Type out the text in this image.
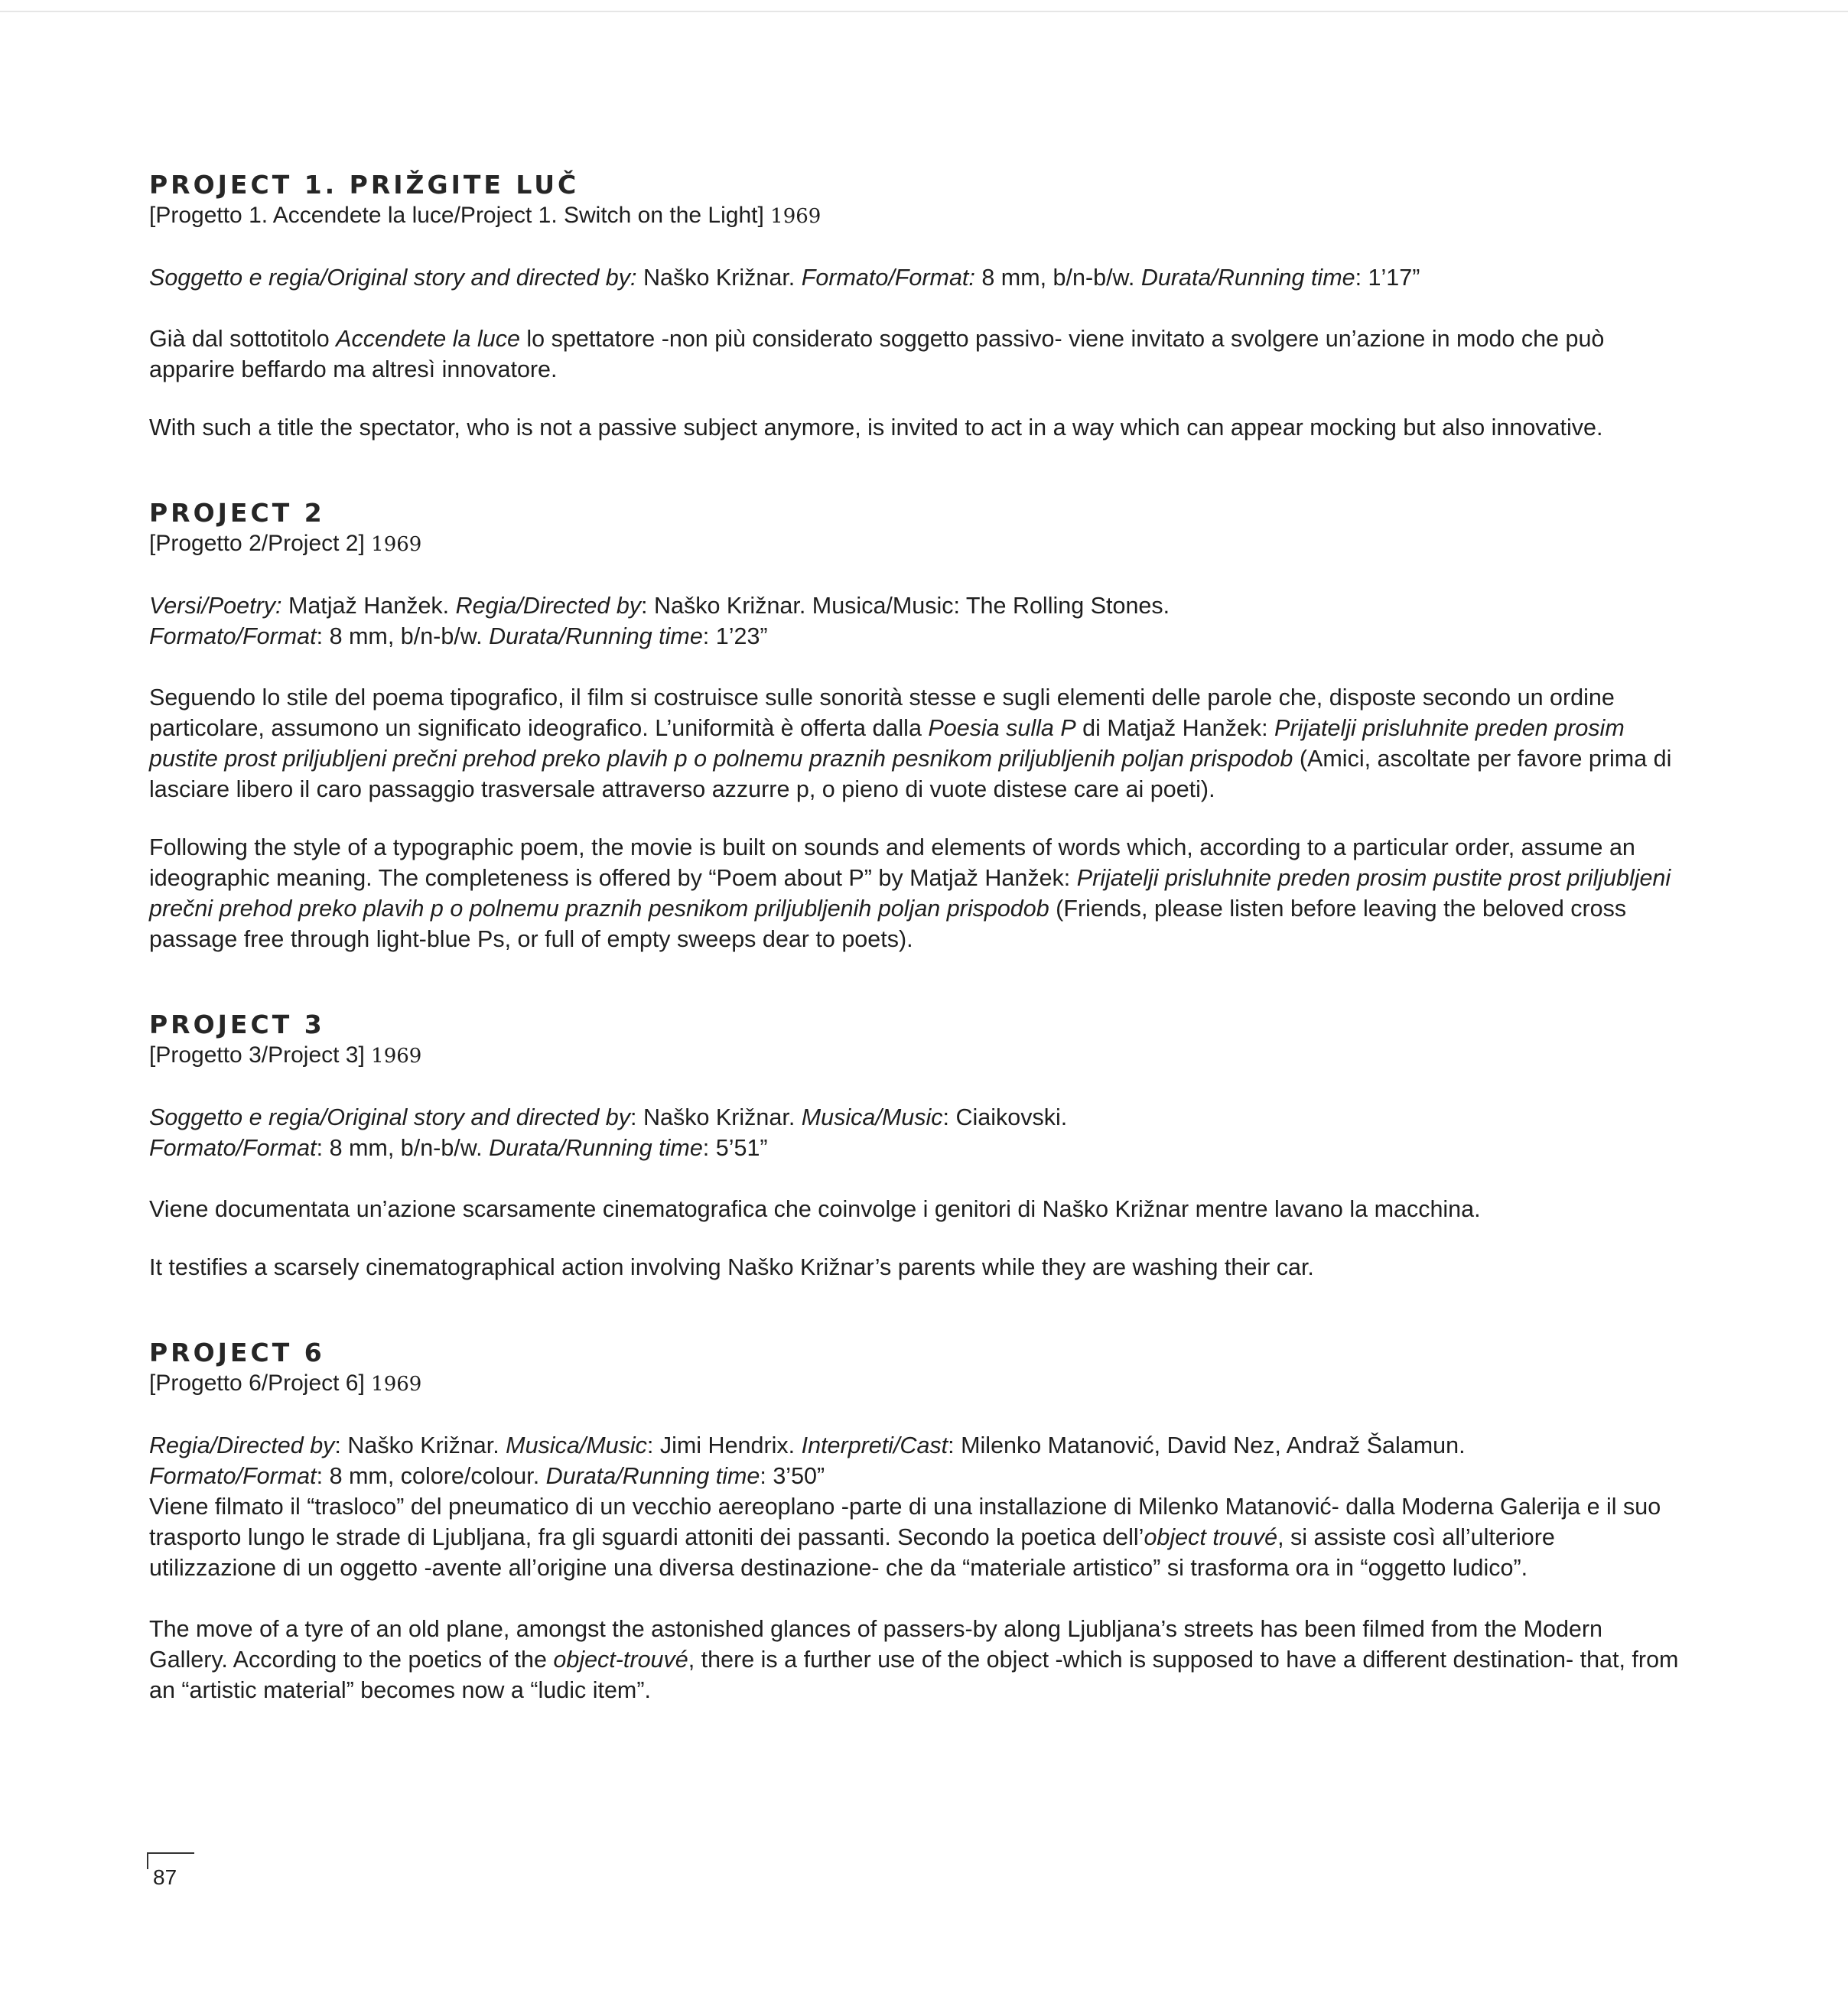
PROJECT 1. PRIŽGITE LUČ
[Progetto 1. Accendete la luce/Project 1. Switch on the Light] 1969

Soggetto e regia/Original story and directed by: Naško Križnar. Formato/Format: 8 mm, b/n-b/w. Durata/Running time: 1’17”

Già dal sottotitolo Accendete la luce lo spettatore -non più considerato soggetto passivo- viene invitato a svolgere un’azione in modo che può apparire beffardo ma altresì innovatore.

With such a title the spectator, who is not a passive subject anymore, is invited to act in a way which can appear mocking but also innovative.

PROJECT 2
[Progetto 2/Project 2] 1969

Versi/Poetry: Matjaž Hanžek. Regia/Directed by: Naško Križnar. Musica/Music: The Rolling Stones.
Formato/Format: 8 mm, b/n-b/w. Durata/Running time: 1’23”

Seguendo lo stile del poema tipografico, il film si costruisce sulle sonorità stesse e sugli elementi delle parole che, disposte secondo un ordine particolare, assumono un significato ideografico. L’uniformità è offerta dalla Poesia sulla P di Matjaž Hanžek: Prijatelji prisluhnite preden prosim pustite prost priljubljeni prečni prehod preko plavih p o polnemu praznih pesnikom priljubljenih poljan prispodob (Amici, ascoltate per favore prima di lasciare libero il caro passaggio trasversale attraverso azzurre p, o pieno di vuote distese care ai poeti).

Following the style of a typographic poem, the movie is built on sounds and elements of words which, according to a particular order, assume an ideographic meaning. The completeness is offered by “Poem about P” by Matjaž Hanžek: Prijatelji prisluhnite preden prosim pustite prost priljubljeni prečni prehod preko plavih p o polnemu praznih pesnikom priljubljenih poljan prispodob (Friends, please listen before leaving the beloved cross passage free through light-blue Ps, or full of empty sweeps dear to poets).

PROJECT 3
[Progetto 3/Project 3] 1969

Soggetto e regia/Original story and directed by: Naško Križnar. Musica/Music: Ciaikovski.
Formato/Format: 8 mm, b/n-b/w. Durata/Running time: 5’51”

Viene documentata un’azione scarsamente cinematografica che coinvolge i genitori di Naško Križnar mentre lavano la macchina.

It testifies a scarsely cinematographical action involving Naško Križnar’s parents while they are washing their car.

PROJECT 6
[Progetto 6/Project 6] 1969

Regia/Directed by: Naško Križnar. Musica/Music: Jimi Hendrix. Interpreti/Cast: Milenko Matanović, David Nez, Andraž Šalamun.
Formato/Format: 8 mm, colore/colour. Durata/Running time: 3’50”

Viene filmato il “trasloco” del pneumatico di un vecchio aereoplano -parte di una installazione di Milenko Matanović- dalla Moderna Galerija e il suo trasporto lungo le strade di Ljubljana, fra gli sguardi attoniti dei passanti. Secondo la poetica dell’object trouvé, si assiste così all’ulteriore utilizzazione di un oggetto -avente all’origine una diversa destinazione- che da “materiale artistico” si trasforma ora in “oggetto ludico”.

The move of a tyre of an old plane, amongst the astonished glances of passers-by along Ljubljana’s streets has been filmed from the Modern Gallery. According to the poetics of the object-trouvé, there is a further use of the object -which is supposed to have a different destination- that, from an “artistic material” becomes now a “ludic item”.

87
